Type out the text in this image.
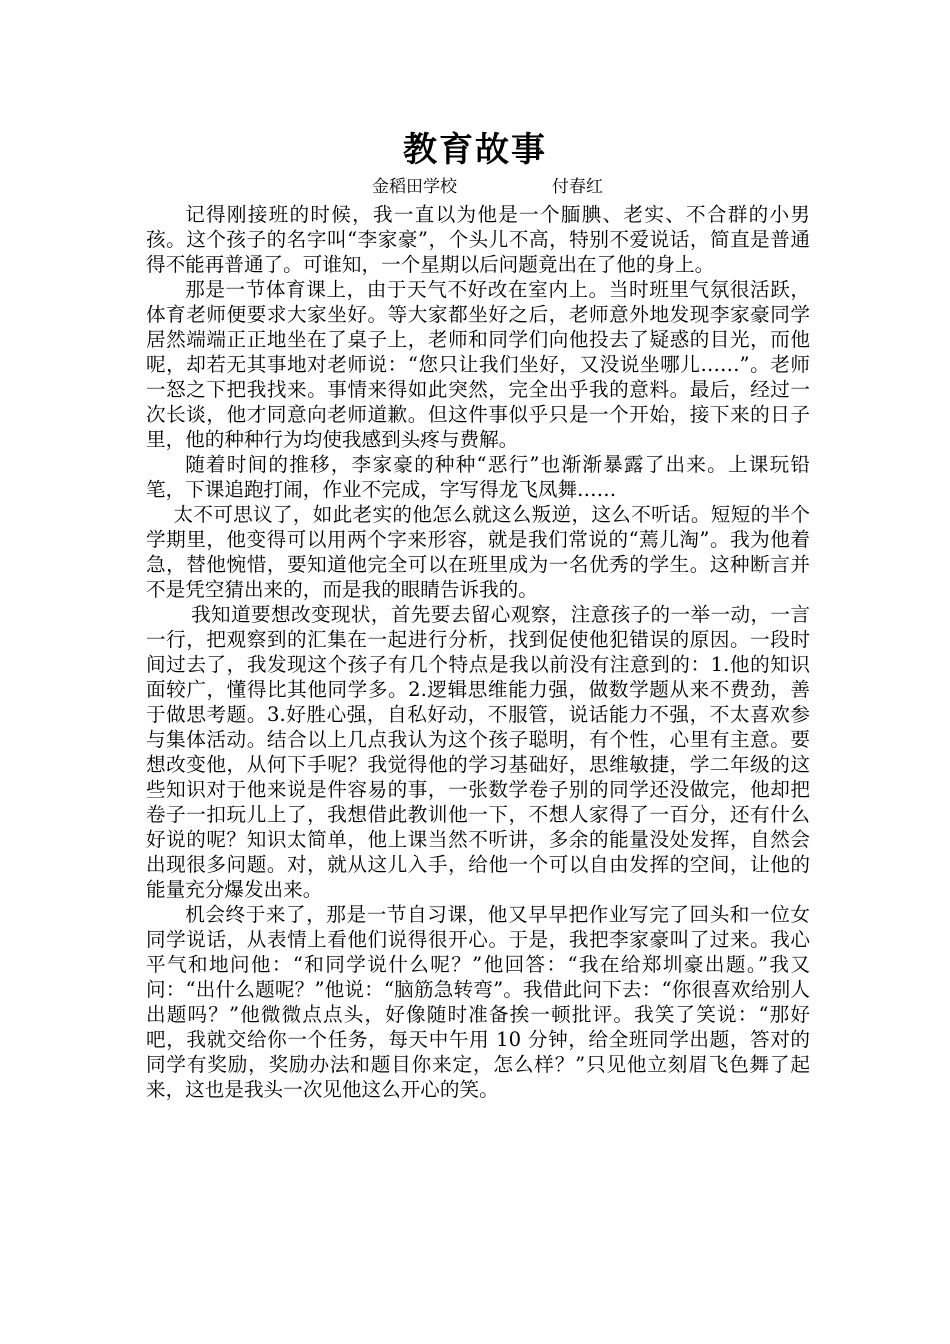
教育故事
金稻田学校	付春红

记得刚接班的时候，我一直以为他是一个腼腆、老实、不合群的小男孩。这个孩子的名字叫“李家豪”，个头儿不高，特别不爱说话，简直是普通得不能再普通了。可谁知，一个星期以后问题竟出在了他的身上。

那是一节体育课上，由于天气不好改在室内上。当时班里气氛很活跃，体育老师便要求大家坐好。等大家都坐好之后，老师意外地发现李家豪同学居然端端正正地坐在了桌子上，老师和同学们向他投去了疑惑的目光，而他呢，却若无其事地对老师说：“您只让我们坐好，又没说坐哪儿……”。老师一怒之下把我找来。事情来得如此突然，完全出乎我的意料。最后，经过一次长谈，他才同意向老师道歉。但这件事似乎只是一个开始，接下来的日子里，他的种种行为均使我感到头疼与费解。

随着时间的推移，李家豪的种种“恶行”也渐渐暴露了出来。上课玩铅笔，下课追跑打闹，作业不完成，字写得龙飞凤舞……

太不可思议了，如此老实的他怎么就这么叛逆，这么不听话。短短的半个学期里，他变得可以用两个字来形容，就是我们常说的“蔫儿淘”。我为他着急，替他惋惜，要知道他完全可以在班里成为一名优秀的学生。这种断言并不是凭空猜出来的，而是我的眼睛告诉我的。

我知道要想改变现状，首先要去留心观察，注意孩子的一举一动，一言一行，把观察到的汇集在一起进行分析，找到促使他犯错误的原因。一段时间过去了，我发现这个孩子有几个特点是我以前没有注意到的：1.他的知识面较广，懂得比其他同学多。2.逻辑思维能力强，做数学题从来不费劲，善于做思考题。3.好胜心强，自私好动，不服管，说话能力不强，不太喜欢参与集体活动。结合以上几点我认为这个孩子聪明，有个性，心里有主意。要想改变他，从何下手呢？我觉得他的学习基础好，思维敏捷，学二年级的这些知识对于他来说是件容易的事，一张数学卷子别的同学还没做完，他却把卷子一扣玩儿上了，我想借此教训他一下，不想人家得了一百分，还有什么好说的呢？知识太简单，他上课当然不听讲，多余的能量没处发挥，自然会出现很多问题。对，就从这儿入手，给他一个可以自由发挥的空间，让他的能量充分爆发出来。

机会终于来了，那是一节自习课，他又早早把作业写完了回头和一位女同学说话，从表情上看他们说得很开心。于是，我把李家豪叫了过来。我心平气和地问他：“和同学说什么呢？”他回答：“我在给郑圳豪出题。”我又问：“出什么题呢？”他说：“脑筋急转弯”。我借此问下去：“你很喜欢给别人出题吗？”他微微点点头，好像随时准备挨一顿批评。我笑了笑说：“那好吧，我就交给你一个任务，每天中午用 10 分钟，给全班同学出题，答对的同学有奖励，奖励办法和题目你来定，怎么样？”只见他立刻眉飞色舞了起来，这也是我头一次见他这么开心的笑。
